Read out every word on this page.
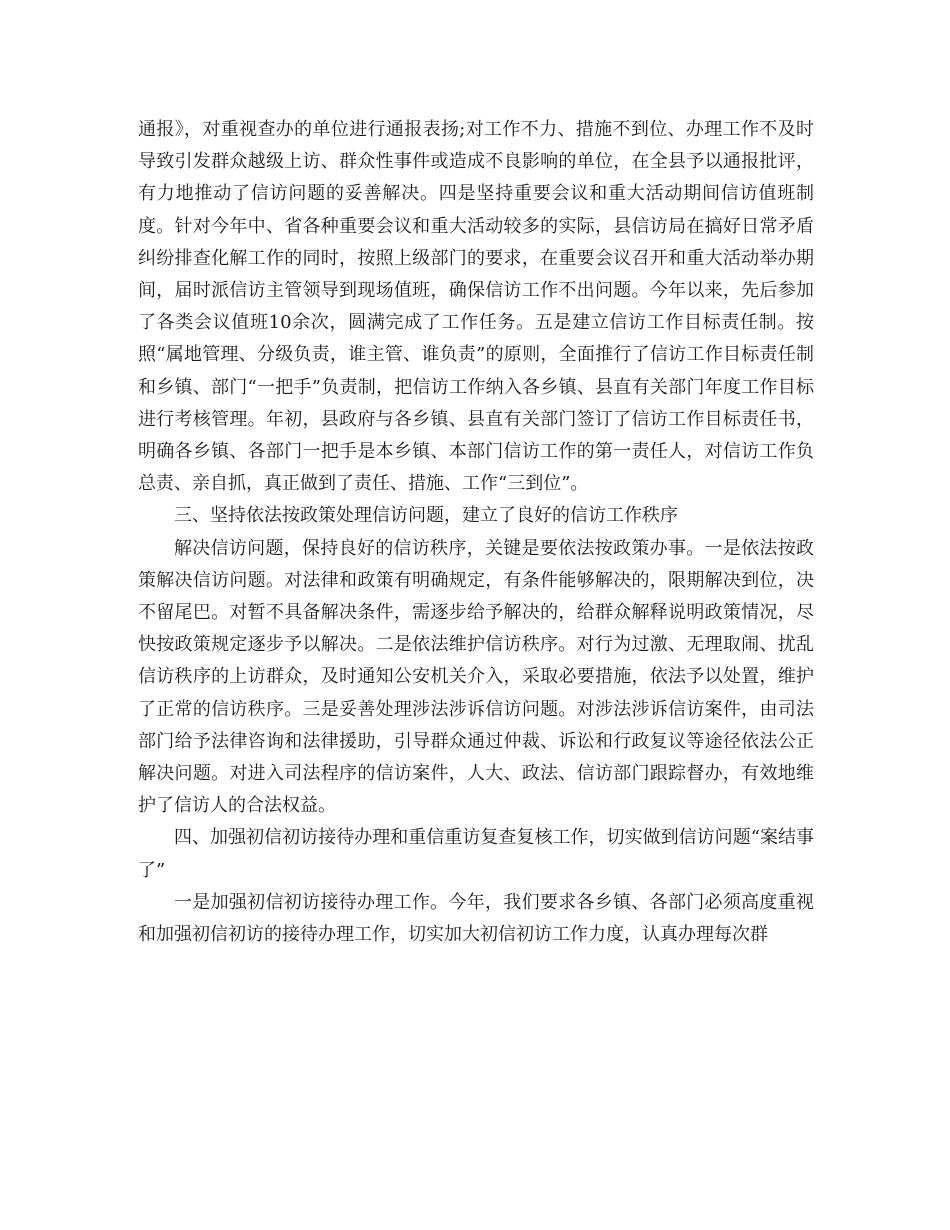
通报》，对重视查办的单位进行通报表扬;对工作不力、措施不到位、办理工作不及时导致引发群众越级上访、群众性事件或造成不良影响的单位，在全县予以通报批评，有力地推动了信访问题的妥善解决。四是坚持重要会议和重大活动期间信访值班制度。针对今年中、省各种重要会议和重大活动较多的实际，县信访局在搞好日常矛盾纠纷排查化解工作的同时，按照上级部门的要求，在重要会议召开和重大活动举办期间，届时派信访主管领导到现场值班，确保信访工作不出问题。今年以来，先后参加了各类会议值班10余次，圆满完成了工作任务。五是建立信访工作目标责任制。按照“属地管理、分级负责，谁主管、谁负责”的原则，全面推行了信访工作目标责任制和乡镇、部门“一把手”负责制，把信访工作纳入各乡镇、县直有关部门年度工作目标进行考核管理。年初，县政府与各乡镇、县直有关部门签订了信访工作目标责任书，明确各乡镇、各部门一把手是本乡镇、本部门信访工作的第一责任人，对信访工作负总责、亲自抓，真正做到了责任、措施、工作“三到位”。

三、坚持依法按政策处理信访问题，建立了良好的信访工作秩序

解决信访问题，保持良好的信访秩序，关键是要依法按政策办事。一是依法按政策解决信访问题。对法律和政策有明确规定，有条件能够解决的，限期解决到位，决不留尾巴。对暂不具备解决条件，需逐步给予解决的，给群众解释说明政策情况，尽快按政策规定逐步予以解决。二是依法维护信访秩序。对行为过激、无理取闹、扰乱信访秩序的上访群众，及时通知公安机关介入，采取必要措施，依法予以处置，维护了正常的信访秩序。三是妥善处理涉法涉诉信访问题。对涉法涉诉信访案件，由司法部门给予法律咨询和法律援助，引导群众通过仲裁、诉讼和行政复议等途径依法公正解决问题。对进入司法程序的信访案件，人大、政法、信访部门跟踪督办，有效地维护了信访人的合法权益。

四、加强初信初访接待办理和重信重访复查复核工作，切实做到信访问题“案结事了”

一是加强初信初访接待办理工作。今年，我们要求各乡镇、各部门必须高度重视和加强初信初访的接待办理工作，切实加大初信初访工作力度，认真办理每次群
